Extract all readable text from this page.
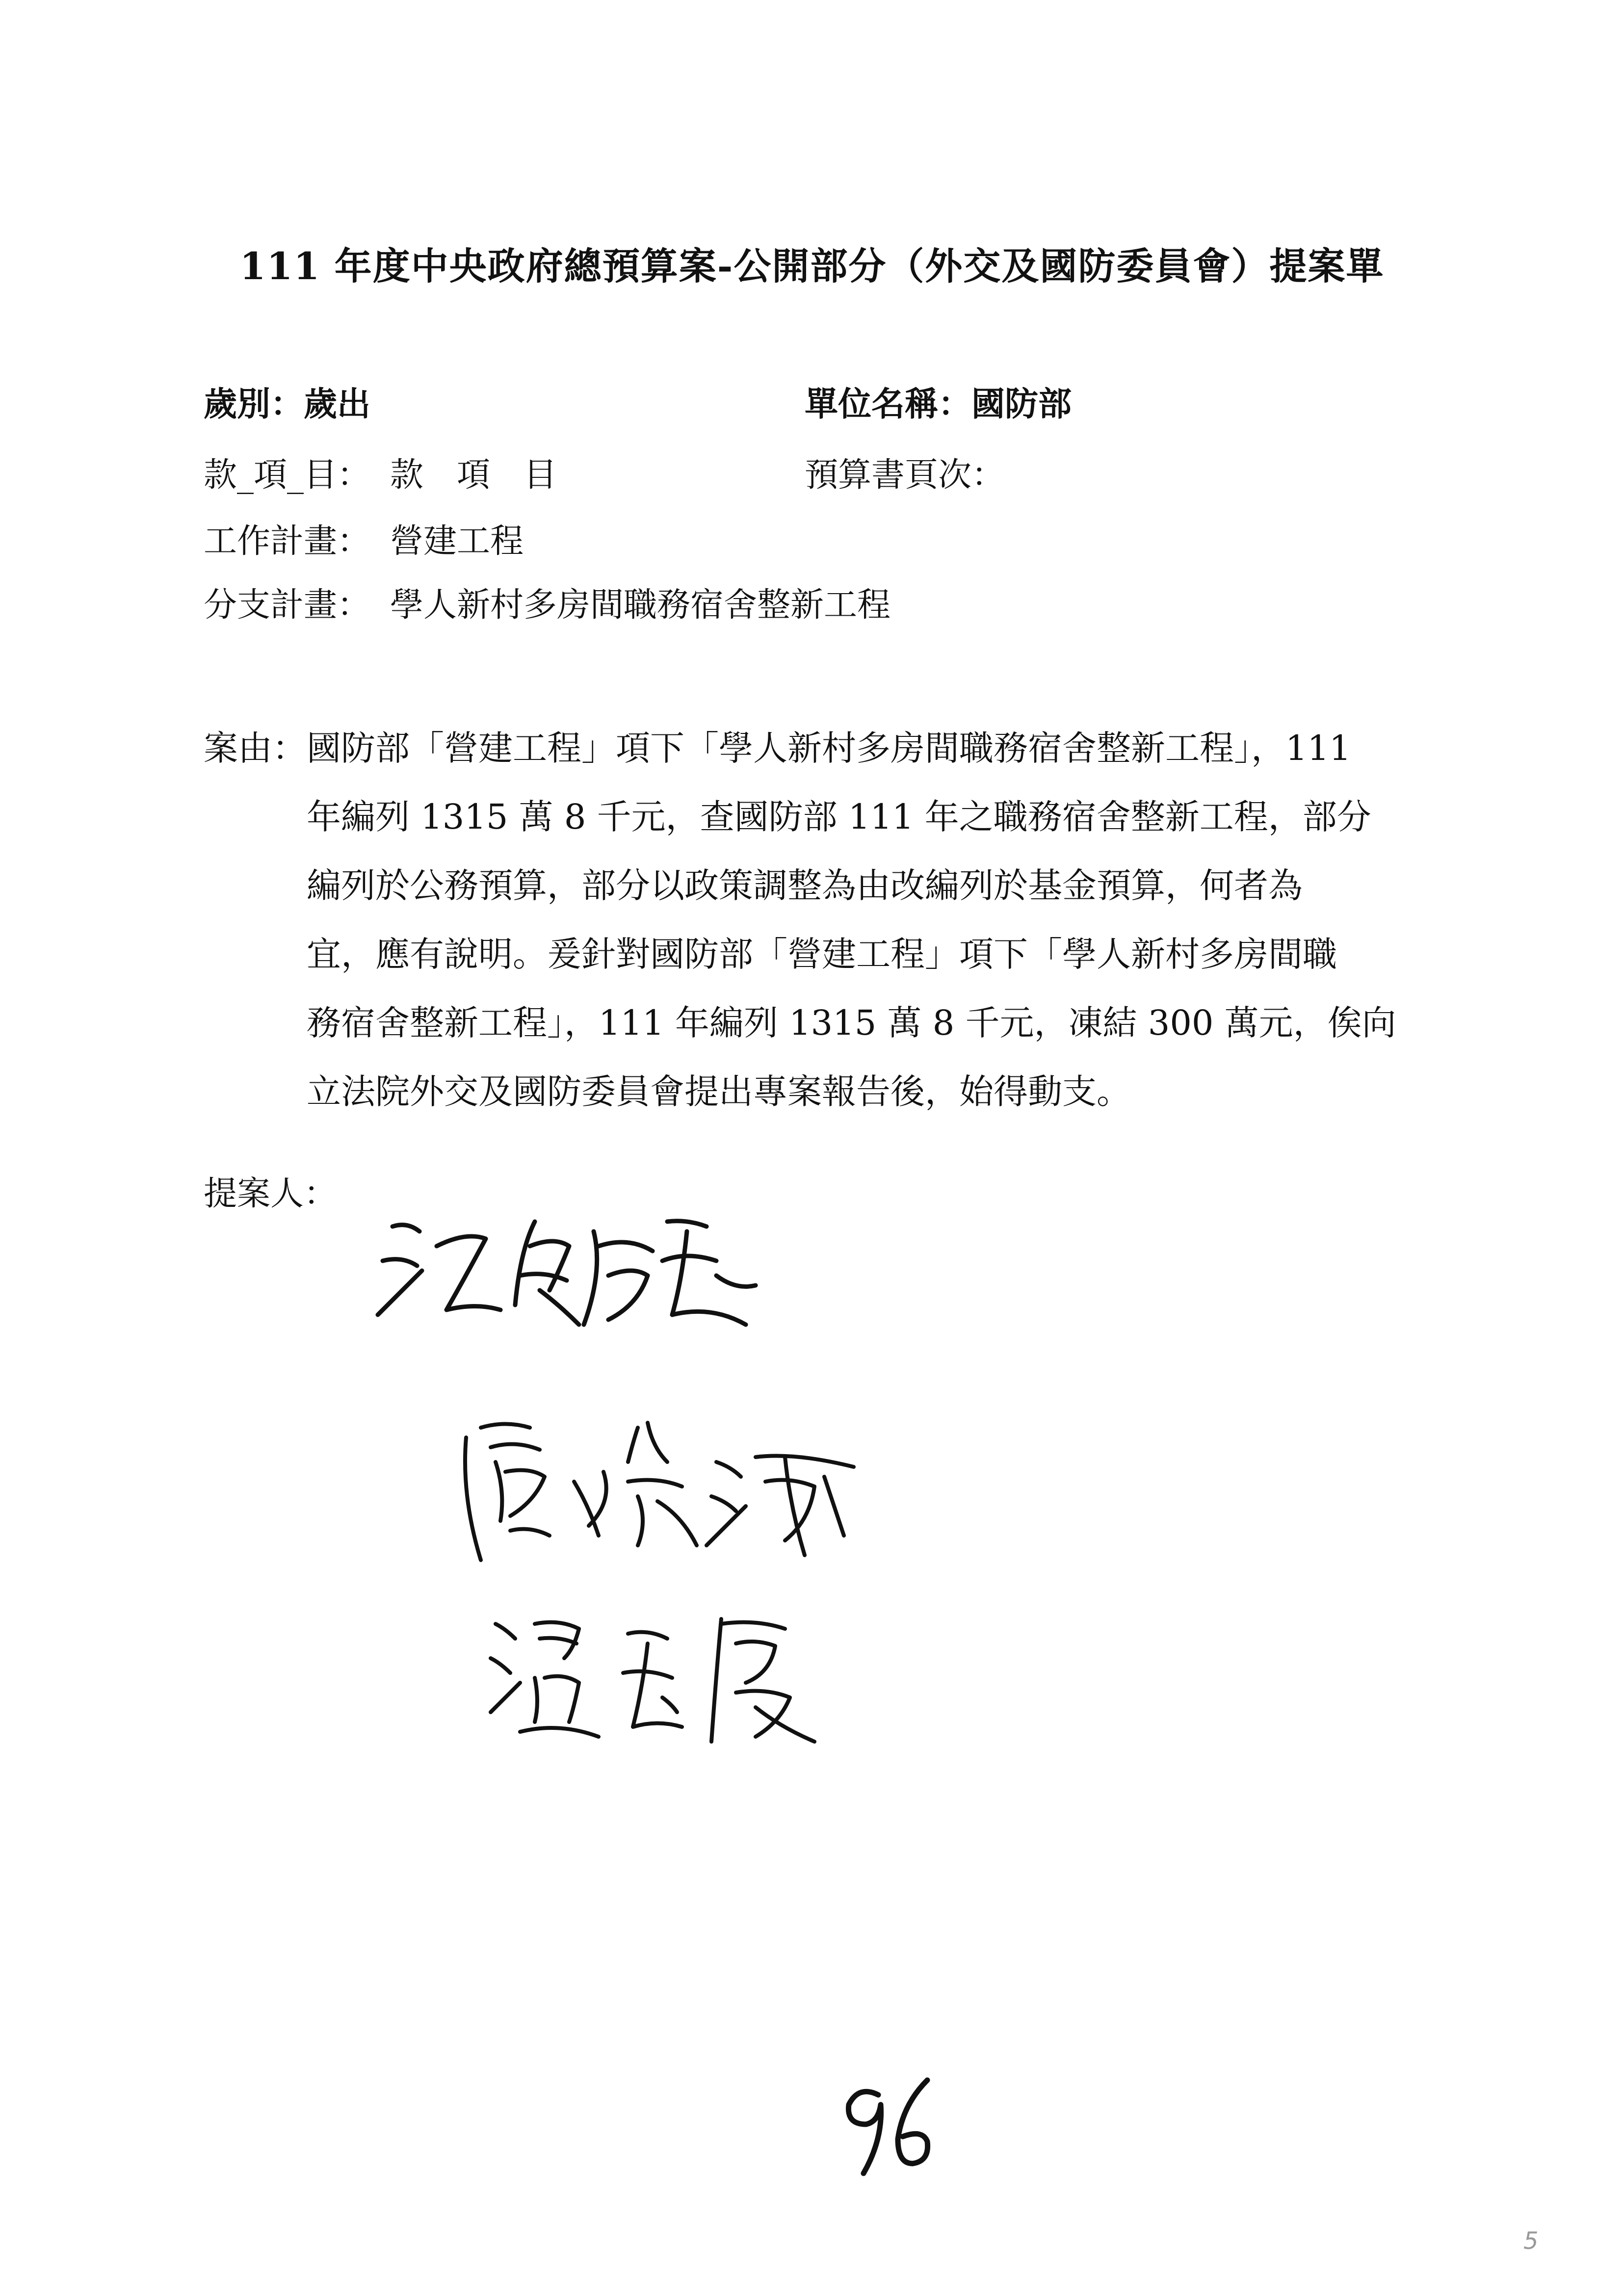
111 年度中央政府總預算案-公開部分（外交及國防委員會）提案單
歲別：歲出	單位名稱：國防部
款_項_目： 款　項　目	預算書頁次：
工作計畫： 營建工程
分支計畫： 學人新村多房間職務宿舍整新工程
案由： 國防部「營建工程」項下「學人新村多房間職務宿舍整新工程」，111
年編列 1315 萬 8 千元，查國防部 111 年之職務宿舍整新工程，部分
編列於公務預算，部分以政策調整為由改編列於基金預算，何者為
宜，應有說明。爰針對國防部「營建工程」項下「學人新村多房間職
務宿舍整新工程」，111 年編列 1315 萬 8 千元，凍結 300 萬元，俟向
立法院外交及國防委員會提出專案報告後，始得動支。
提案人：
5
